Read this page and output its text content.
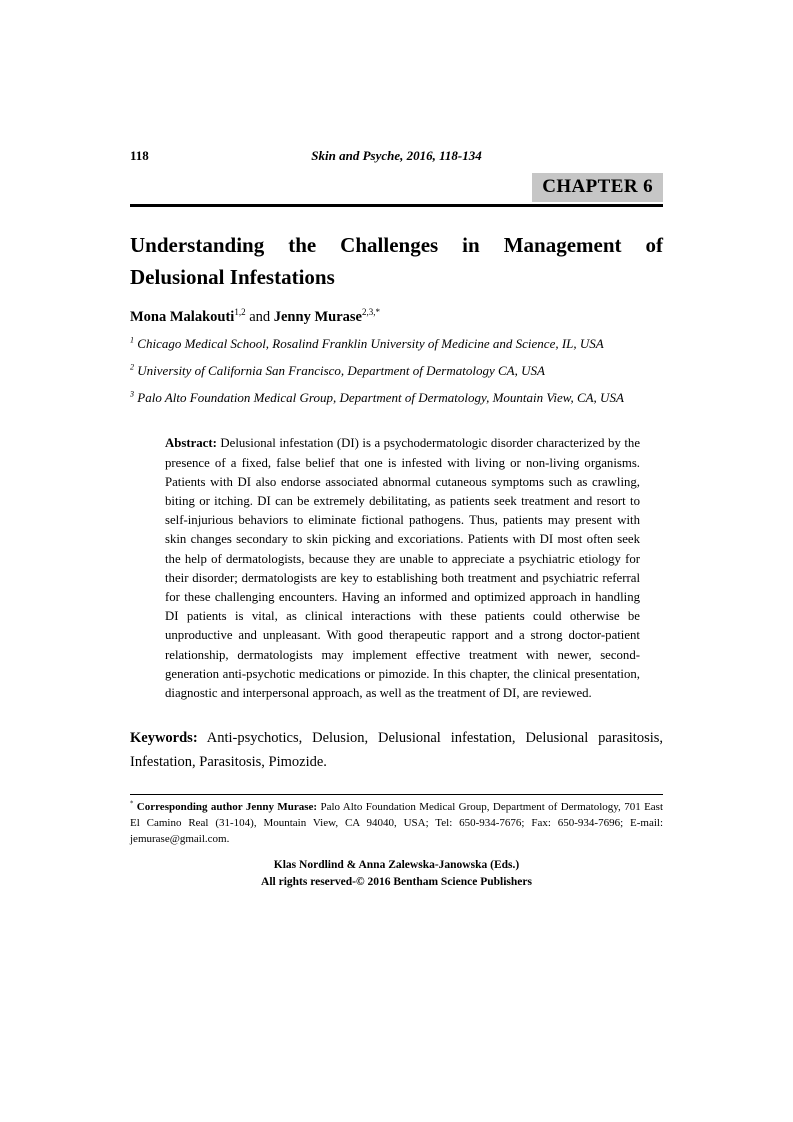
118	Skin and Psyche, 2016, 118-134
CHAPTER 6
Understanding the Challenges in Management of
Delusional Infestations

Mona Malakouti$^{1,2}$ and Jenny Murase$^{2,3,*}$

$^1$ Chicago Medical School, Rosalind Franklin University of Medicine and Science, IL, USA

$^2$ University of California San Francisco, Department of Dermatology CA, USA

$^3$ Palo Alto Foundation Medical Group, Department of Dermatology, Mountain View, CA, USA

Abstract: Delusional infestation (DI) is a psychodermatologic disorder characterized by the presence of a fixed, false belief that one is infested with living or non-living organisms. Patients with DI also endorse associated abnormal cutaneous symptoms such as crawling, biting or itching. DI can be extremely debilitating, as patients seek treatment and resort to self-injurious behaviors to eliminate fictional pathogens. Thus, patients may present with skin changes secondary to skin picking and excoriations. Patients with DI most often seek the help of dermatologists, because they are unable to appreciate a psychiatric etiology for their disorder; dermatologists are key to establishing both treatment and psychiatric referral for these challenging encounters. Having an informed and optimized approach in handling DI patients is vital, as clinical interactions with these patients could otherwise be unproductive and unpleasant. With good therapeutic rapport and a strong doctor-patient relationship, dermatologists may implement effective treatment with newer, second-generation anti-psychotic medications or pimozide. In this chapter, the clinical presentation, diagnostic and interpersonal approach, as well as the treatment of DI, are reviewed.

Keywords: Anti-psychotics, Delusion, Delusional infestation, Delusional parasitosis, Infestation, Parasitosis, Pimozide.

* Corresponding author Jenny Murase: Palo Alto Foundation Medical Group, Department of Dermatology, 701 East El Camino Real (31-104), Mountain View, CA 94040, USA; Tel: 650-934-7676; Fax: 650-934-7696; E-mail: jemurase@gmail.com.

Klas Nordlind & Anna Zalewska-Janowska (Eds.)
All rights reserved-© 2016 Bentham Science Publishers
